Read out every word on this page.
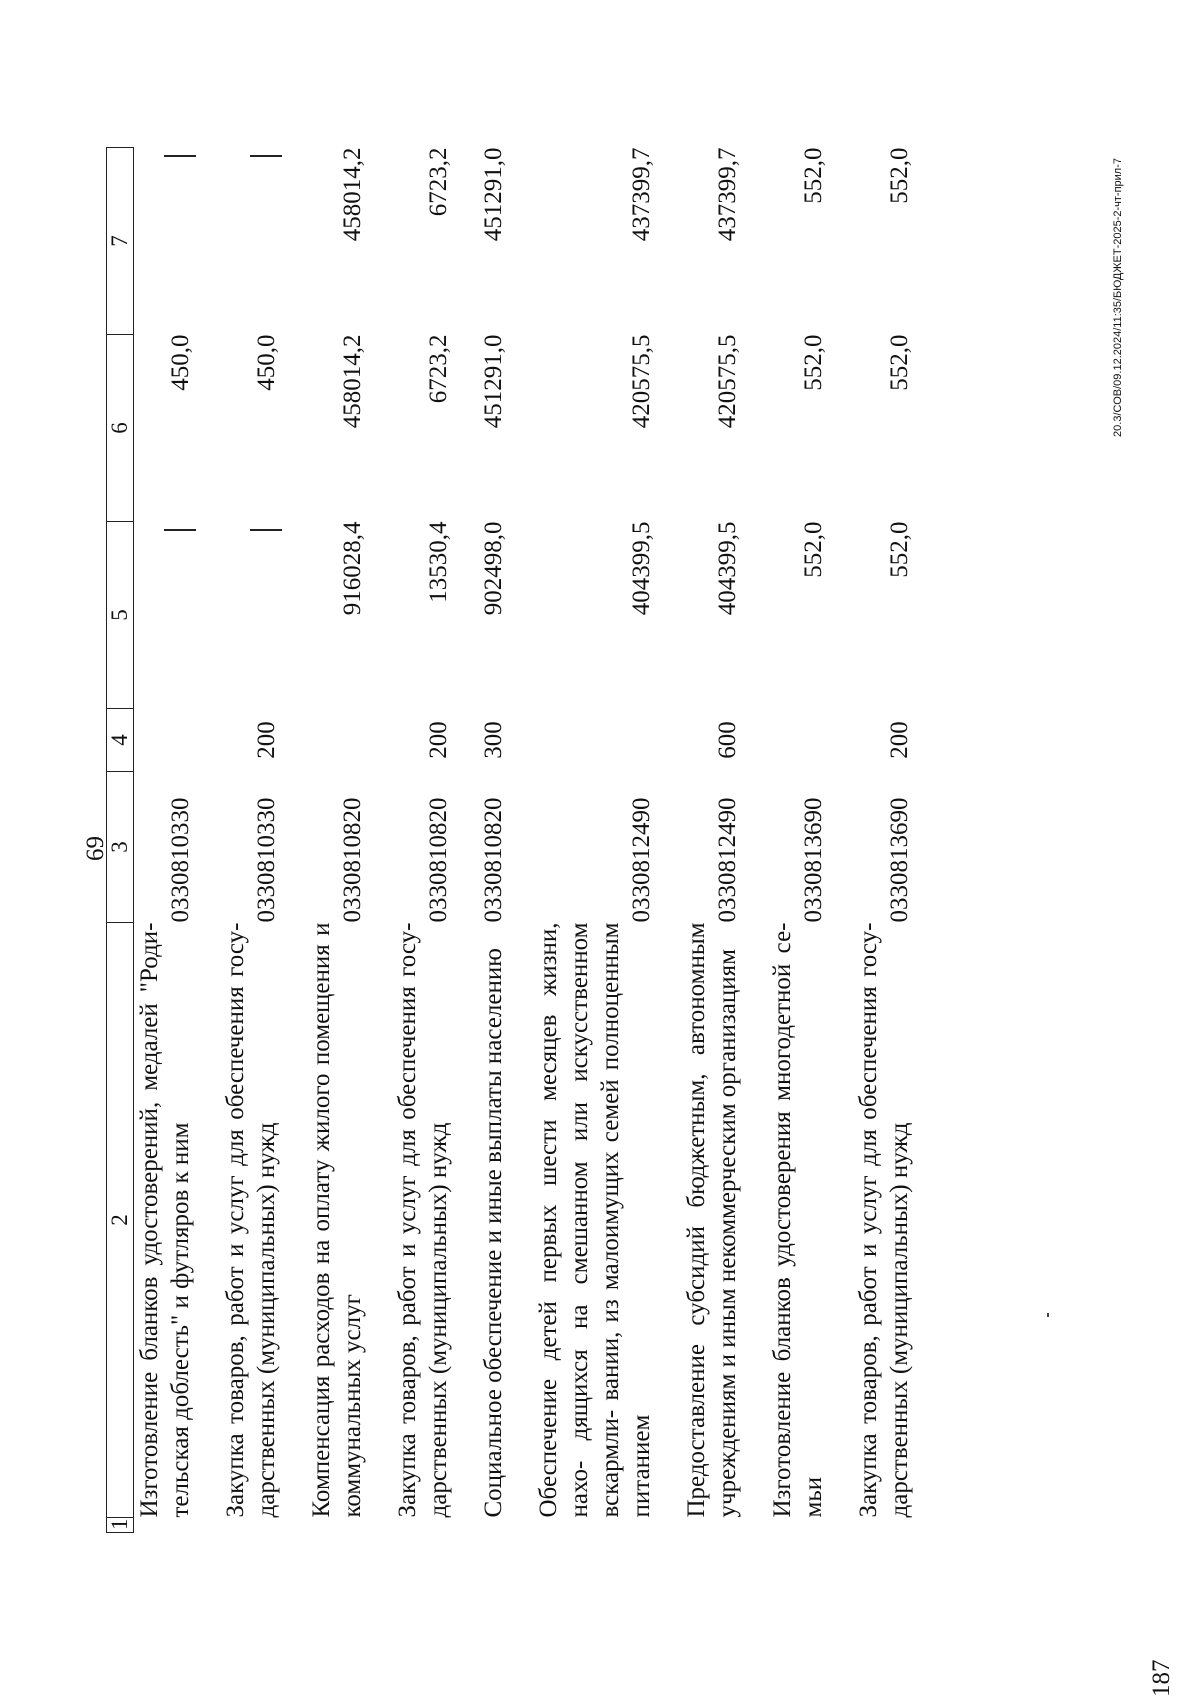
69
1	2	3	4	5	6	7
	Изготовление бланков удостоверений, медалей "Роди- тельская доблесть" и футляров к ним	0330810330			450,0	
	Закупка товаров, работ и услуг для обеспечения госу- дарственных (муниципальных) нужд	0330810330	200		450,0	
	Компенсация расходов на оплату жилого помещения и коммунальных услуг	0330810820		916028,4	458014,2	458014,2
	Закупка товаров, работ и услуг для обеспечения госу- дарственных (муниципальных) нужд	0330810820	200	13530,4	6723,2	6723,2
	Социальное обеспечение и иные выплаты населению	0330810820	300	902498,0	451291,0	451291,0
	Обеспечение детей первых шести месяцев жизни, нахо- дящихся на смешанном или искусственном вскармли- вании, из малоимущих семей полноценным питанием	0330812490		404399,5	420575,5	437399,7
	Предоставление субсидий бюджетным, автономным учреждениям и иным некоммерческим организациям	0330812490	600	404399,5	420575,5	437399,7
	Изготовление бланков удостоверения многодетной се- мьи	0330813690		552,0	552,0	552,0
	Закупка товаров, работ и услуг для обеспечения госу- дарственных (муниципальных) нужд	0330813690	200	552,0	552,0	552,0	20.3/СОВ/09.12.2024/11:35/БЮДЖЕТ-2025-2-чт-прил-7
187
